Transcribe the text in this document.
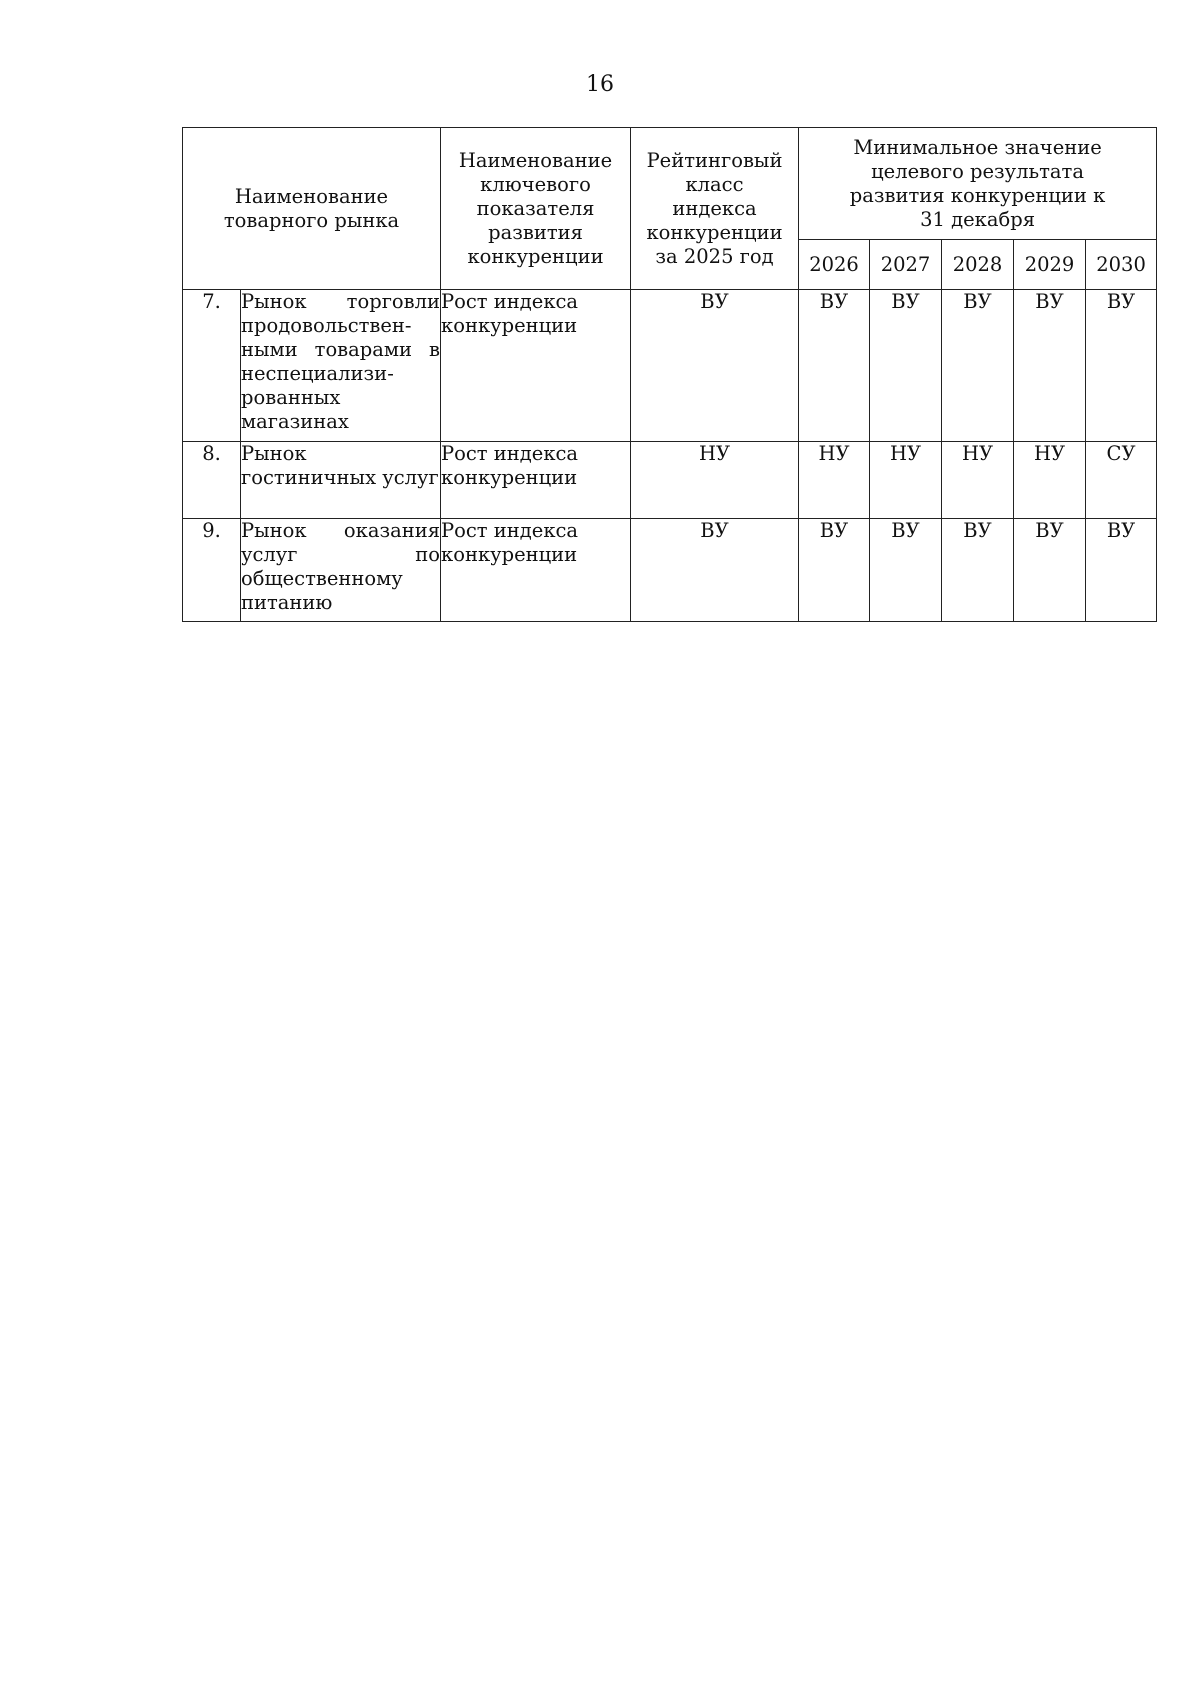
16
Наименование товарного рынка		Наименование ключевого показателя развития конкуренции	Рейтинговый класс индекса конкуренции за 2025 год	Минимальное значение целевого результата развития конкуренции к 31 декабря				

				2026	2027	2028	2029	2030
7.	Рынок торговли продовольственными товарами в неспециализированных магазинах	Рост индекса конкуренции	ВУ	ВУ	ВУ	ВУ	ВУ	ВУ
8.	Рынок гостиничных услуг	Рост индекса конкуренции	НУ	НУ	НУ	НУ	НУ	СУ
9.	Рынок оказания услуг по общественному питанию	Рост индекса конкуренции	ВУ	ВУ	ВУ	ВУ	ВУ	ВУ
